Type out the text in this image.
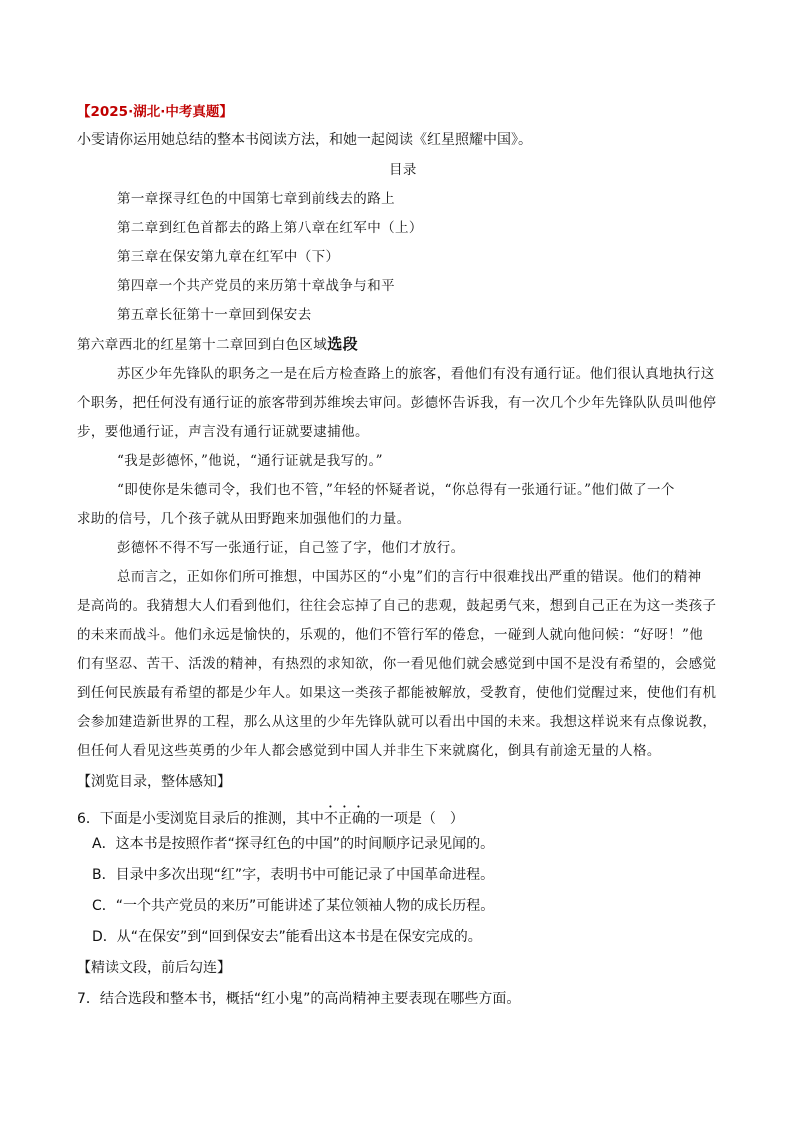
【2025·湖北·中考真题】
小雯请你运用她总结的整本书阅读方法，和她一起阅读《红星照耀中国》。
目录
第一章探寻红色的中国第七章到前线去的路上
第二章到红色首都去的路上第八章在红军中（上）
第三章在保安第九章在红军中（下）
第四章一个共产党员的来历第十章战争与和平
第五章长征第十一章回到保安去
第六章西北的红星第十二章回到白色区域选段
苏区少年先锋队的职务之一是在后方检查路上的旅客，看他们有没有通行证。他们很认真地执行这
个职务，把任何没有通行证的旅客带到苏维埃去审问。彭德怀告诉我，有一次几个少年先锋队队员叫他停
步，要他通行证，声言没有通行证就要逮捕他。
“我是彭德怀，”他说，“通行证就是我写的。”
“即使你是朱德司令，我们也不管，”年轻的怀疑者说，“你总得有一张通行证。”他们做了一个
求助的信号，几个孩子就从田野跑来加强他们的力量。
彭德怀不得不写一张通行证，自己签了字，他们才放行。
总而言之，正如你们所可推想，中国苏区的“小鬼”们的言行中很难找出严重的错误。他们的精神
是高尚的。我猜想大人们看到他们，往往会忘掉了自己的悲观，鼓起勇气来，想到自己正在为这一类孩子
的未来而战斗。他们永远是愉快的，乐观的，他们不管行军的倦怠，一碰到人就向他问候：“好呀！”他
们有坚忍、苦干、活泼的精神，有热烈的求知欲，你一看见他们就会感觉到中国不是没有希望的，会感觉
到任何民族最有希望的都是少年人。如果这一类孩子都能被解放，受教育，使他们觉醒过来，使他们有机
会参加建造新世界的工程，那么从这里的少年先锋队就可以看出中国的未来。我想这样说来有点像说教，
但任何人看见这些英勇的少年人都会感觉到中国人并非生下来就腐化，倒具有前途无量的人格。
【浏览目录，整体感知】
6．下面是小雯浏览目录后的推测，其中不正确的一项是（　）
A．这本书是按照作者“探寻红色的中国”的时间顺序记录见闻的。
B．目录中多次出现“红”字，表明书中可能记录了中国革命进程。
C．“一个共产党员的来历”可能讲述了某位领袖人物的成长历程。
D．从“在保安”到“回到保安去”能看出这本书是在保安完成的。
【精读文段，前后勾连】
7．结合选段和整本书，概括“红小鬼”的高尚精神主要表现在哪些方面。
